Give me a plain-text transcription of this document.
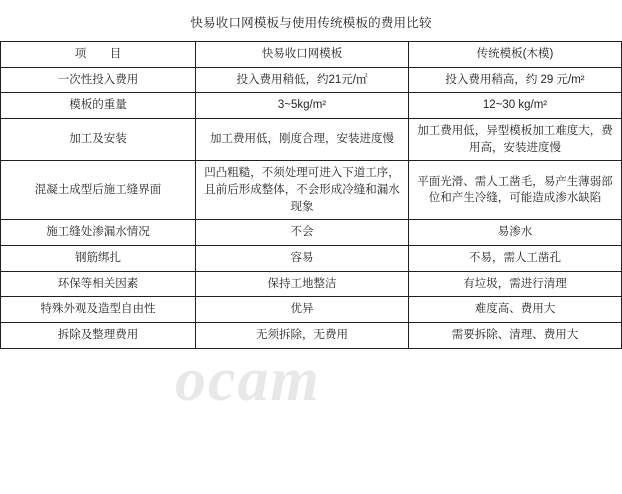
快易收口网模板与使用传统模板的费用比较
项　目	快易收口网模板	传统模板(木模)
一次性投入费用	投入费用稍低，约21元/㎡	投入费用稍高，约 29 元/m²
模板的重量	3~5kg/m²	12~30 kg/m²
加工及安装	加工费用低，刚度合理，安装进度慢	加工费用低，异型模板加工难度大，费用高，安装进度慢
混凝土成型后施工缝界面	凹凸粗糙，不须处理可进入下道工序，且前后形成整体，不会形成冷缝和漏水现象	平面光滑、需人工凿毛，易产生薄弱部位和产生冷缝，可能造成渗水缺陷
施工缝处渗漏水情况	不会	易渗水
钢筋绑扎	容易	不易，需人工凿孔
环保等相关因素	保持工地整洁	有垃圾，需进行清理
特殊外观及造型自由性	优异	难度高、费用大
拆除及整理费用	无须拆除，无费用	需要拆除、清理、费用大
ocam
